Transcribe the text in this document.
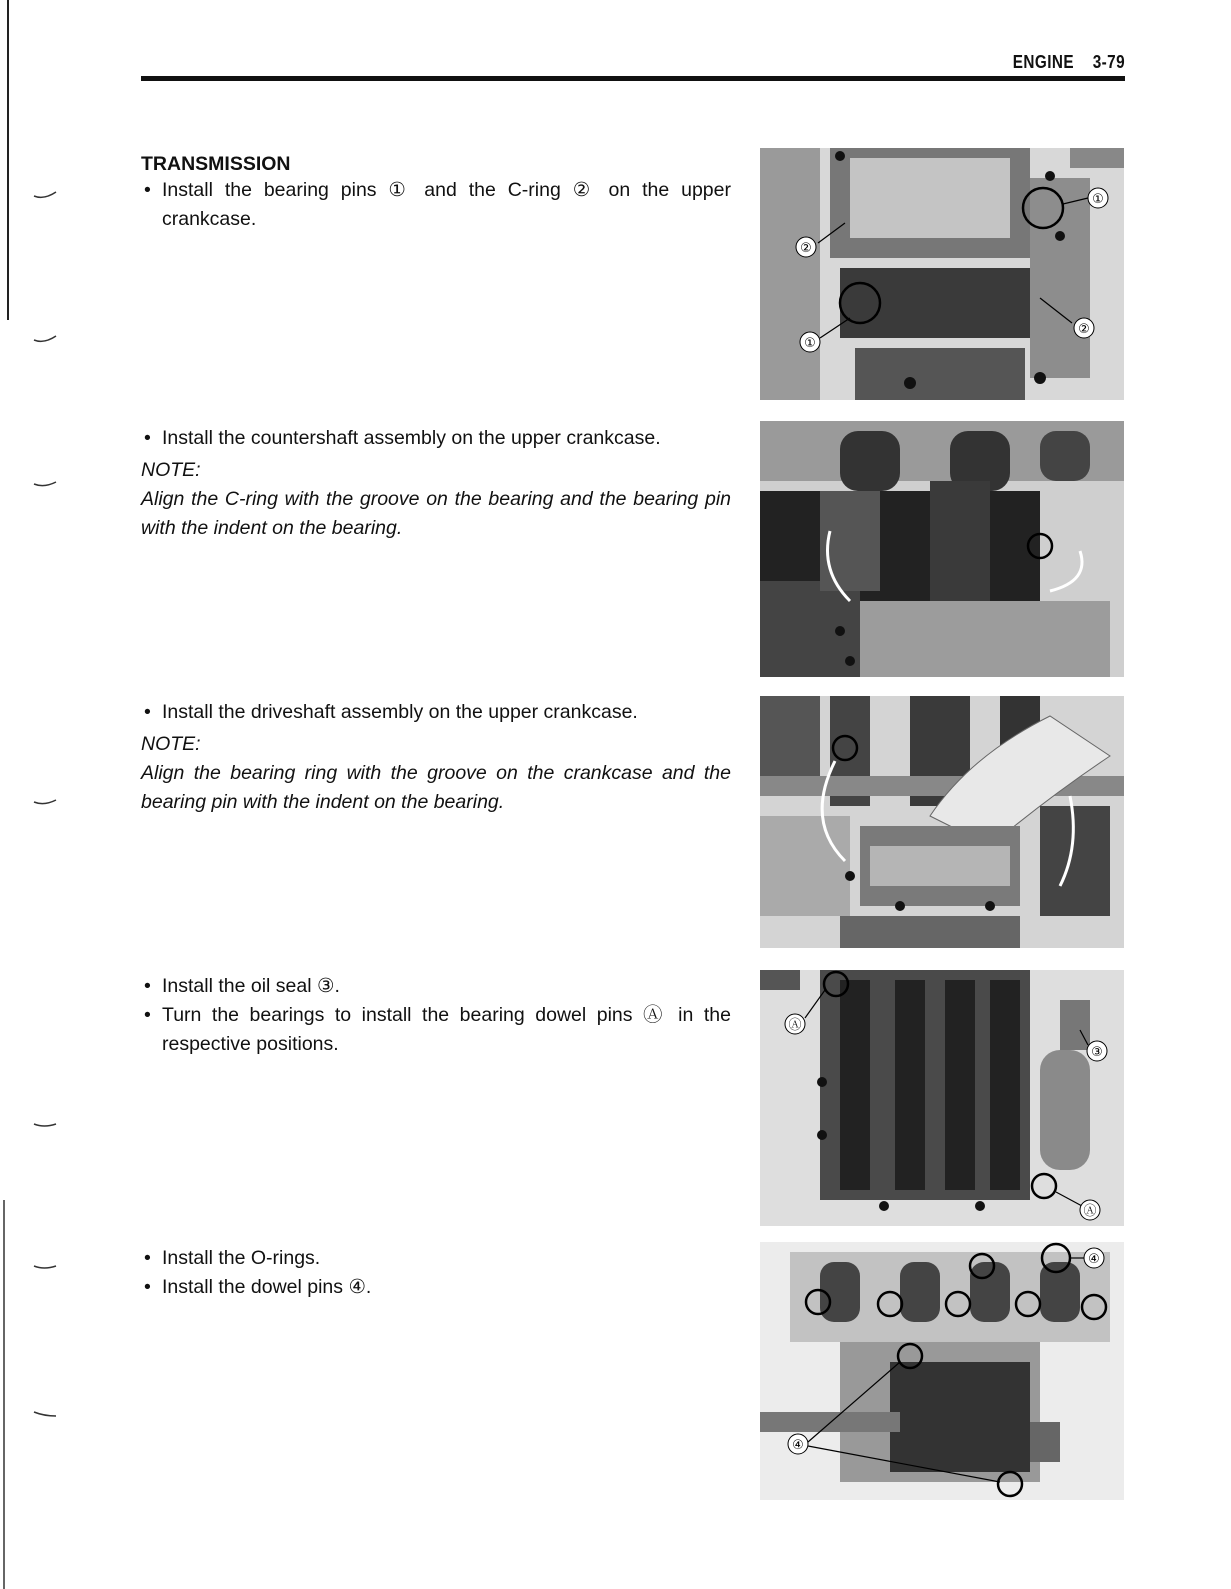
ENGINE 3-79
TRANSMISSION
• Install the bearing pins ① and the C-ring ② on the upper crankcase.
• Install the countershaft assembly on the upper crankcase.
NOTE:
Align the C-ring with the groove on the bearing and the bearing pin with the indent on the bearing.
• Install the driveshaft assembly on the upper crankcase.
NOTE:
Align the bearing ring with the groove on the crankcase and the bearing pin with the indent on the bearing.
• Install the oil seal ③.
• Turn the bearings to install the bearing dowel pins Ⓐ in the respective positions.
• Install the O-rings.
• Install the dowel pins ④.
①
②
②
①
Ⓐ
③
Ⓐ
④
④
